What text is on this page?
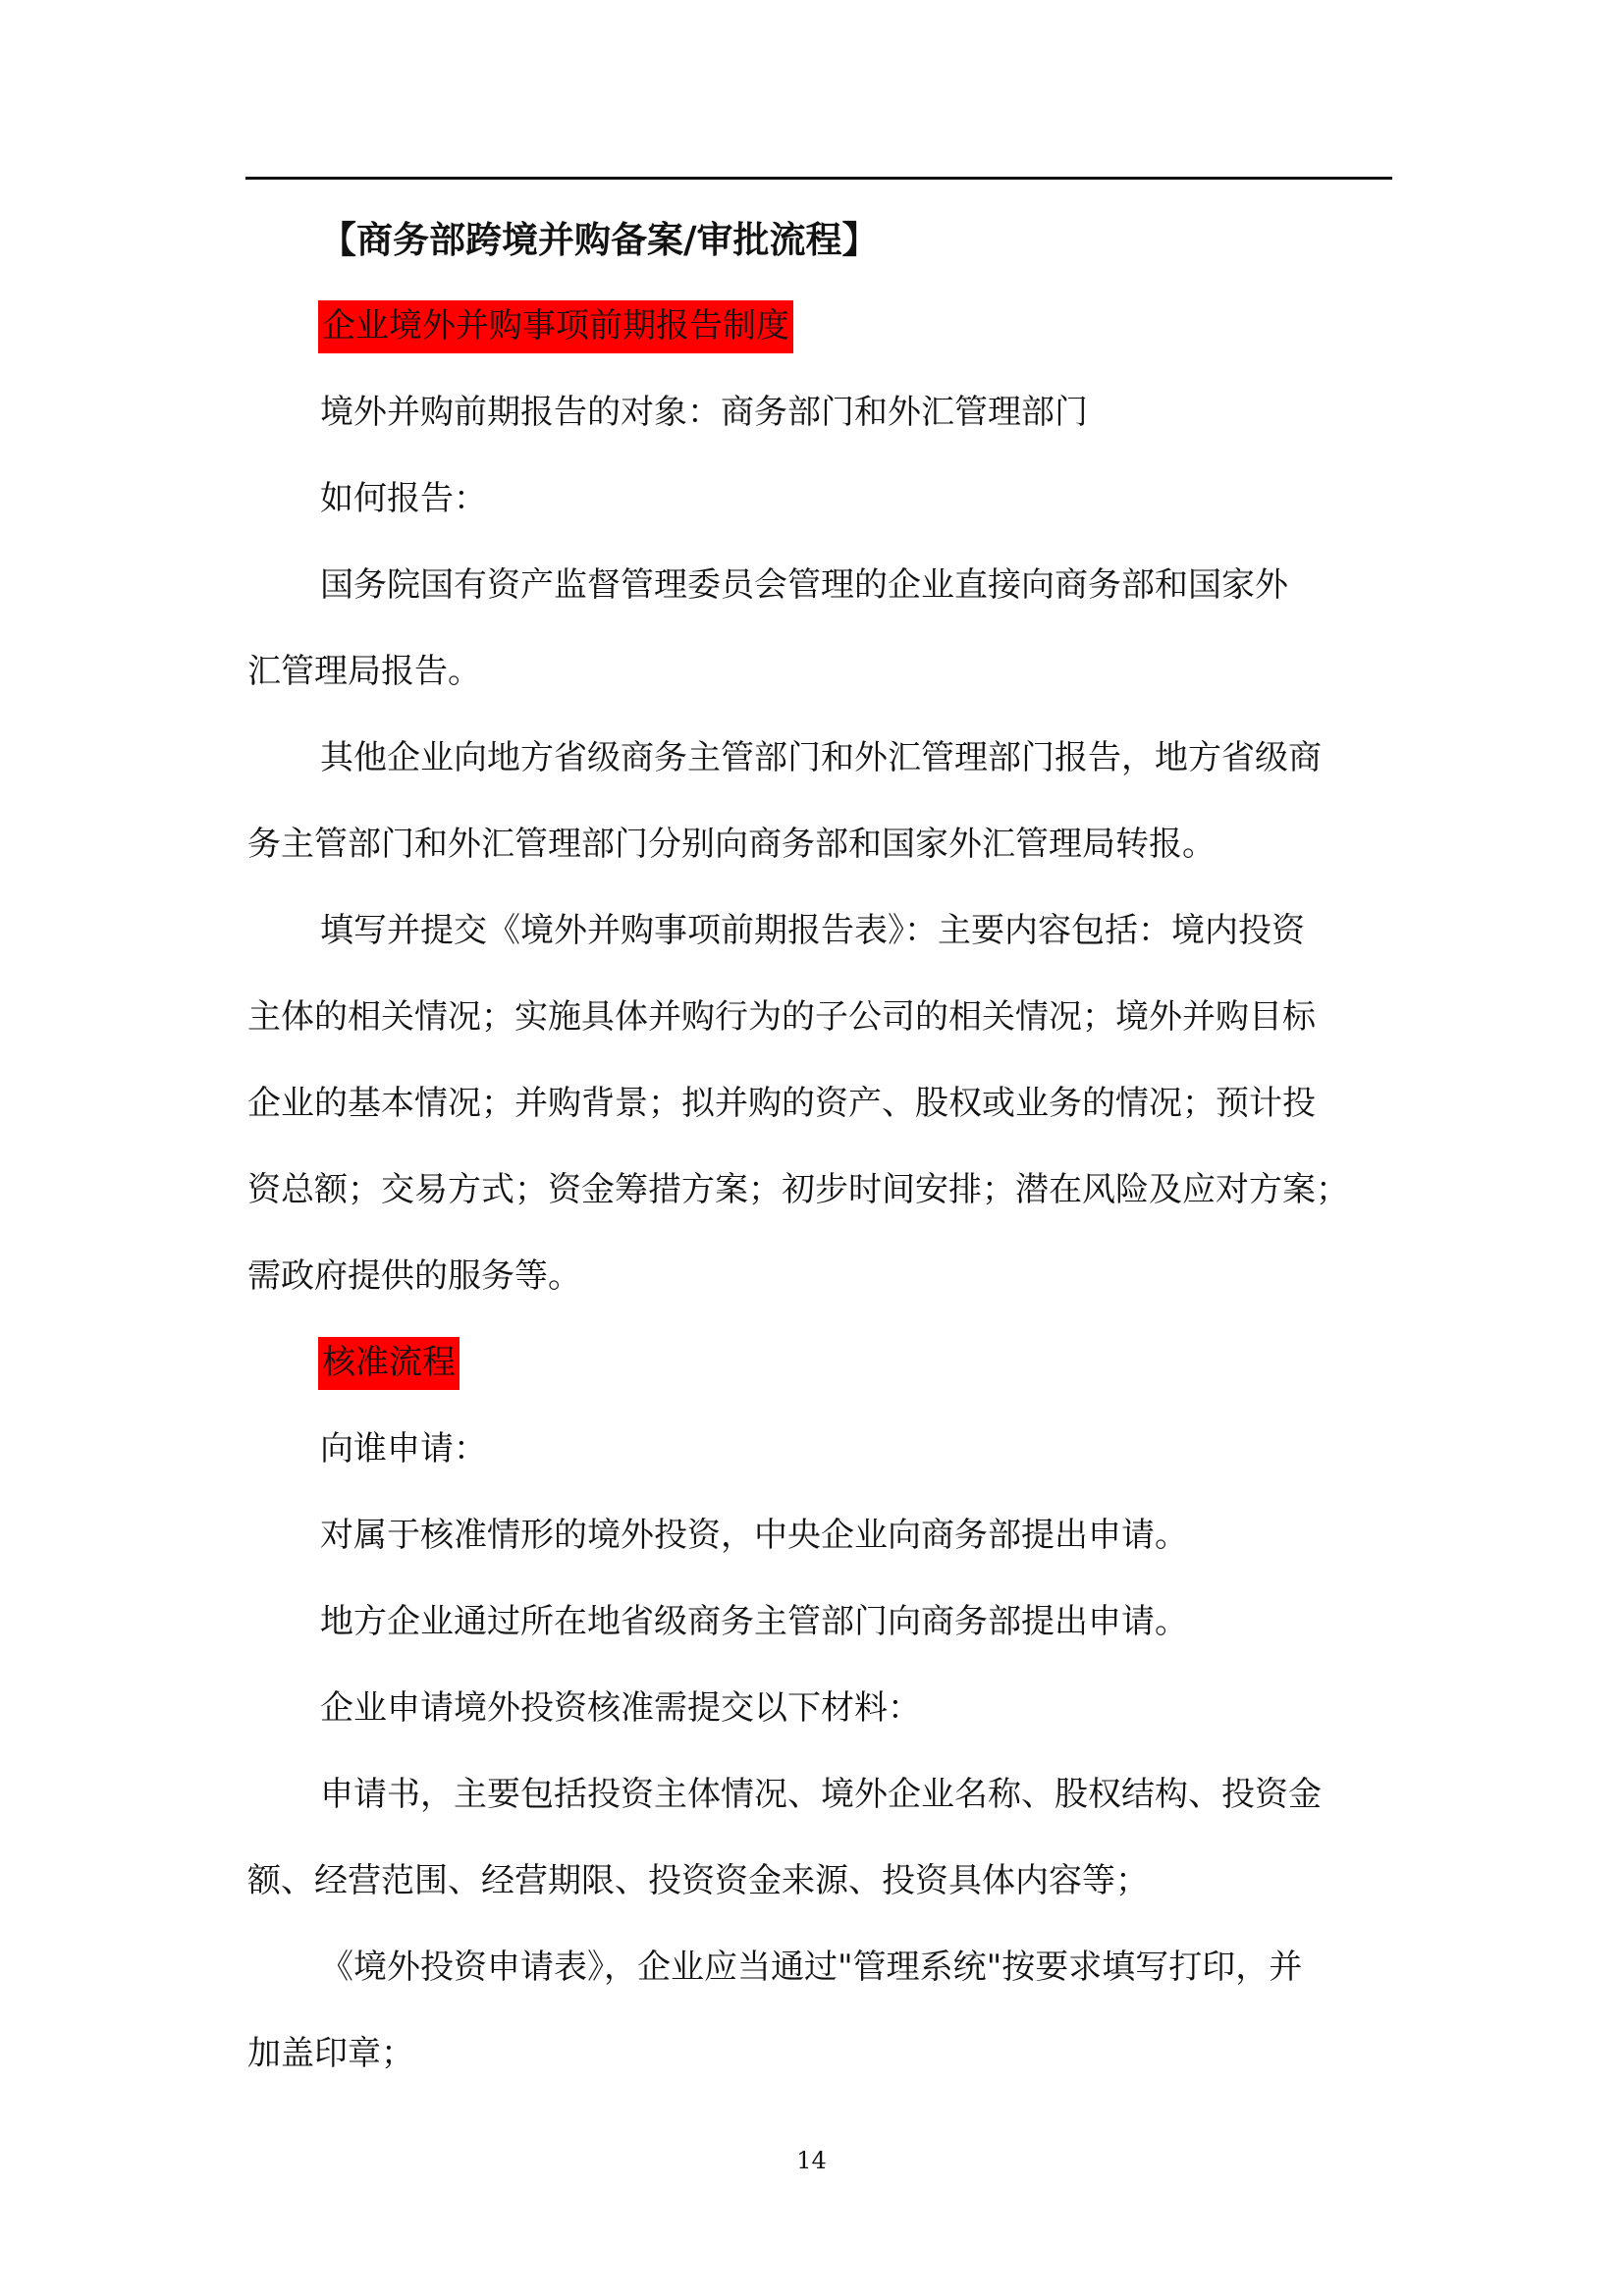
【商务部跨境并购备案/审批流程】
企业境外并购事项前期报告制度
境外并购前期报告的对象：商务部门和外汇管理部门
如何报告：
国务院国有资产监督管理委员会管理的企业直接向商务部和国家外
汇管理局报告。
其他企业向地方省级商务主管部门和外汇管理部门报告，地方省级商
务主管部门和外汇管理部门分别向商务部和国家外汇管理局转报。
填写并提交《境外并购事项前期报告表》：主要内容包括：境内投资
主体的相关情况；实施具体并购行为的子公司的相关情况；境外并购目标
企业的基本情况；并购背景；拟并购的资产、股权或业务的情况；预计投
资总额；交易方式；资金筹措方案；初步时间安排；潜在风险及应对方案；
需政府提供的服务等。
核准流程
向谁申请：
对属于核准情形的境外投资，中央企业向商务部提出申请。
地方企业通过所在地省级商务主管部门向商务部提出申请。
企业申请境外投资核准需提交以下材料：
申请书，主要包括投资主体情况、境外企业名称、股权结构、投资金
额、经营范围、经营期限、投资资金来源、投资具体内容等；
《境外投资申请表》，企业应当通过"管理系统"按要求填写打印，并
加盖印章；
14
